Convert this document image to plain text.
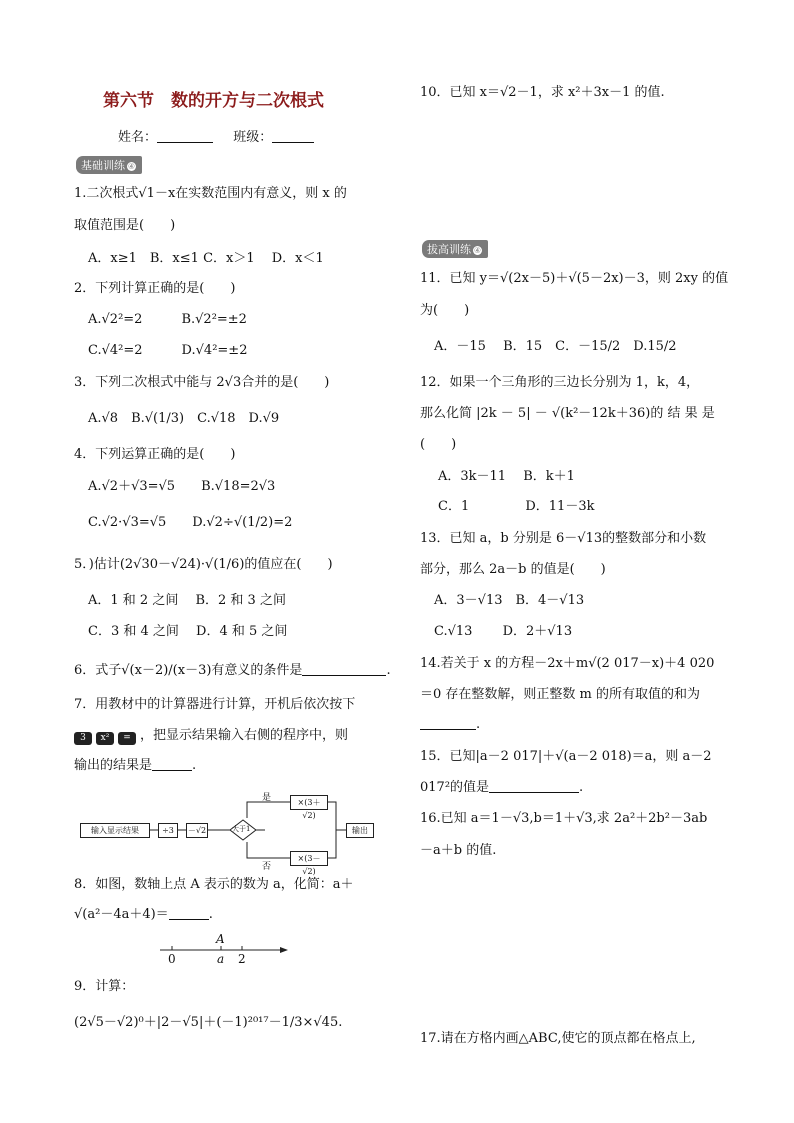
第六节　数的开方与二次根式
姓名：	班级：
基础训练 ④
1.二次根式√1－x在实数范围内有意义，则 x 的
取值范围是(　　)
A．x≥1　B．x≤1 C．x＞1　 D．x＜1
2．下列计算正确的是(　　)
A.√2²=2　　　B.√2²=±2
C.√4²=2　　　D.√4²=±2
3．下列二次根式中能与 2√3合并的是(　　)
A.√8　B.√(1/3)　C.√18　D.√9
4．下列运算正确的是(　　)
A.√2＋√3=√5　　B.√18=2√3
C.√2·√3=√5　　D.√2÷√(1/2)=2
5．)估计(2√30－√24)·√(1/6)的值应在(　　)
A．1 和 2 之间　 B．2 和 3 之间
C．3 和 4 之间　 D．4 和 5 之间
6．式子√(x－2)/(x－3)有意义的条件是	.
7．用教材中的计算器进行计算，开机后依次按下
3 x² = ，把显示结果输入右侧的程序中，则
输出的结果是	.
输入显示结果	÷3	－√2	大于1
是
否
×(3＋√2)
×(3－√2)
输出
8．如图，数轴上点 A 表示的数为 a，化简：a＋
√(a²－4a＋4)＝	.
A
a
0	2
9．计算：
(2√5－√2)⁰＋|2－√5|＋(－1)²⁰¹⁷－1/3×√45.
10．已知 x＝√2－1，求 x²＋3x－1 的值.
拔高训练 ④
11．已知 y＝√(2x－5)＋√(5－2x)－3，则 2xy 的值
为(　　)
A．－15　 B．15　C．－15/2　D.15/2
12．如果一个三角形的三边长分别为 1，k，4，
那么化简 |2k － 5| － √(k²－12k＋36)的 结 果 是
(　　)
A．3k－11　 B．k＋1
C．1　　　　 D．11－3k
13．已知 a，b 分别是 6－√13的整数部分和小数
部分，那么 2a－b 的值是(　　)
A．3－√13　B．4－√13
C.√13　　 D．2＋√13
14.若关于 x 的方程－2x＋m√(2 017－x)＋4 020
＝0 存在整数解，则正整数 m 的所有取值的和为
.
15．已知|a－2 017|＋√(a－2 018)＝a，则 a－2
017²的值是	.
16.已知 a＝1－√3,b＝1＋√3,求 2a²＋2b²－3ab
－a＋b 的值.
17.请在方格内画△ABC,使它的顶点都在格点上,
